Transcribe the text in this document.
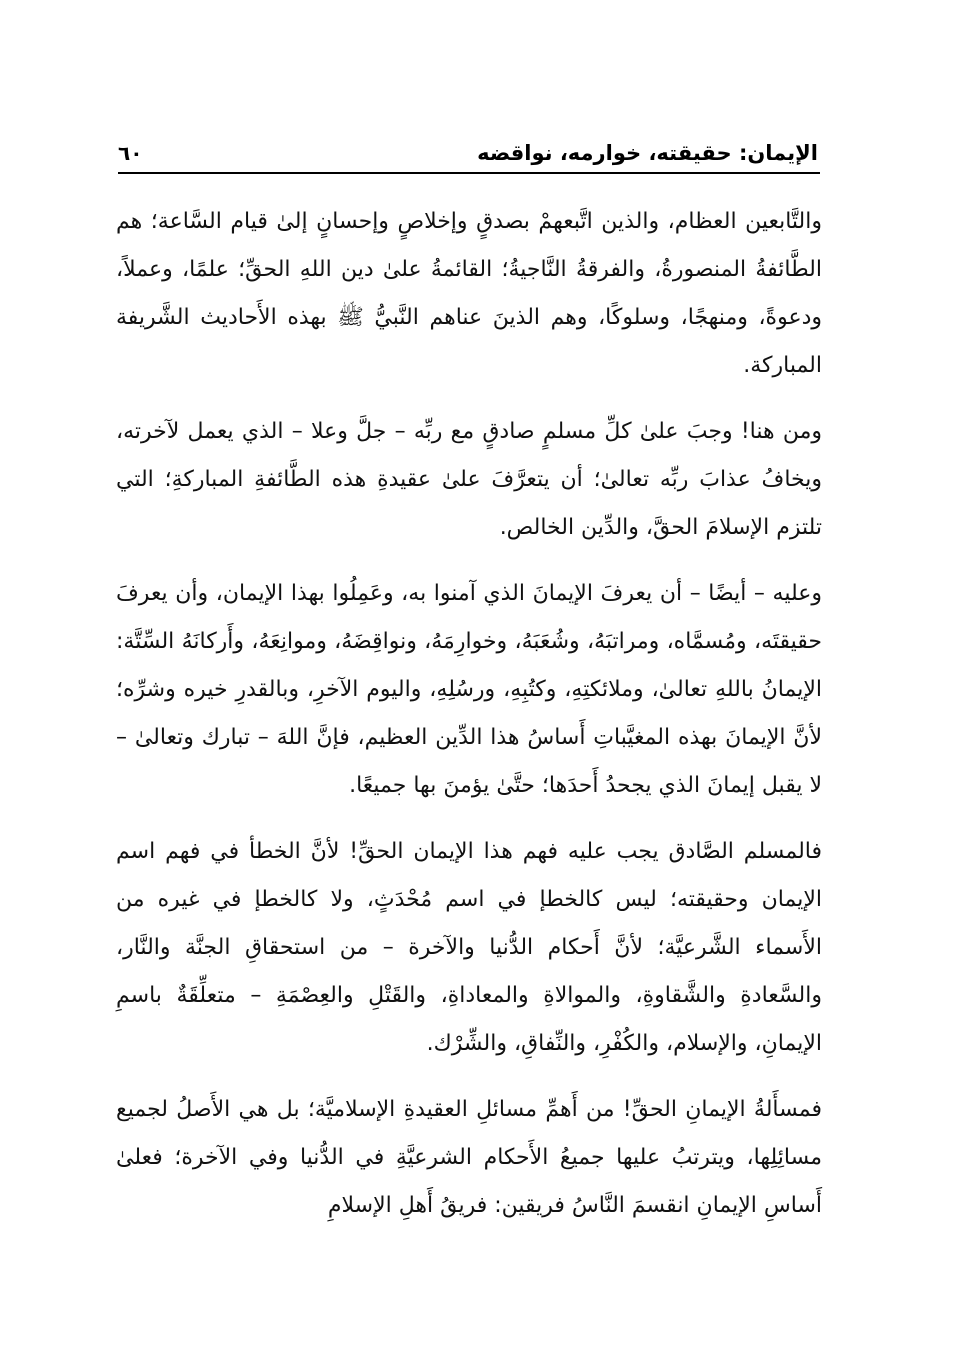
الإيمان: حقيقته، خوارمه، نواقضه
٦٠

والتَّابعين العظام، والذين اتَّبعهمْ بصدقٍ وإخلاصٍ وإحسانٍ إلىٰ قيام السَّاعة؛ هم الطَّائفةُ المنصورةُ، والفرقةُ النَّاجيةُ؛ القائمةُ علىٰ دين اللهِ الحقِّ؛ علمًا، وعملاً، ودعوةً، ومنهجًا، وسلوكًا، وهم الذينَ عناهم النَّبيُّ ﷺ بهذه الأَحاديث الشَّريفة المباركة.

ومن هنا! وجبَ علىٰ كلِّ مسلمٍ صادقٍ مع ربِّه – جلَّ وعلا – الذي يعمل لآخرته، ويخافُ عذابَ ربِّه تعالىٰ؛ أن يتعرَّفَ علىٰ عقيدةِ هذه الطَّائفةِ المباركةِ؛ التي تلتزم الإسلامَ الحقَّ، والدِّين الخالص.

وعليه – أيضًا – أن يعرفَ الإيمانَ الذي آمنوا به، وعَمِلُوا بهذا الإيمان، وأن يعرفَ حقيقتَه، ومُسمَّاه، ومراتبَهُ، وشُعَبَهُ، وخوارِمَهُ، ونواقِضَهُ، وموانِعَهُ، وأَركانَهُ السِّتَّة: الإيمانُ باللهِ تعالىٰ، وملائكتِهِ، وكتُبِهِ، ورسُلِهِ، واليوم الآخرِ، وبالقدرِ خيره وشرِّه؛ لأنَّ الإيمانَ بهذه المغيَّباتِ أَساسُ هذا الدِّين العظيم، فإنَّ اللهَ – تبارك وتعالىٰ – لا يقبل إيمانَ الذي يجحدُ أَحدَها؛ حتَّىٰ يؤمنَ بها جميعًا.

فالمسلم الصَّادق يجب عليه فهم هذا الإيمان الحقِّ! لأنَّ الخطأ في فهم اسم الإيمان وحقيقته؛ ليس كالخطإ في اسم مُحْدَثٍ، ولا كالخطإ في غيره من الأَسماء الشَّرعيَّة؛ لأنَّ أَحكام الدُّنيا والآخرة – من استحقاقِ الجنَّة والنَّار، والسَّعادةِ والشَّقاوةِ، والموالاةِ والمعاداةِ، والقَتْلِ والعِصْمَةِ – متعلِّقَةٌ باسمِ الإيمانِ، والإسلام، والكُفْرِ، والنِّفاقِ، والشِّرْك.

فمسأَلةُ الإيمانِ الحقِّ! من أَهمِّ مسائلِ العقيدةِ الإسلاميَّة؛ بل هي الأَصلُ لجميع مسائِلِها، ويترتبُ عليها جميعُ الأَحكام الشرعيَّةِ في الدُّنيا وفي الآخرة؛ فعلىٰ أَساسِ الإيمانِ انقسمَ النَّاسُ فريقين: فريقُ أَهلِ الإسلامِ
